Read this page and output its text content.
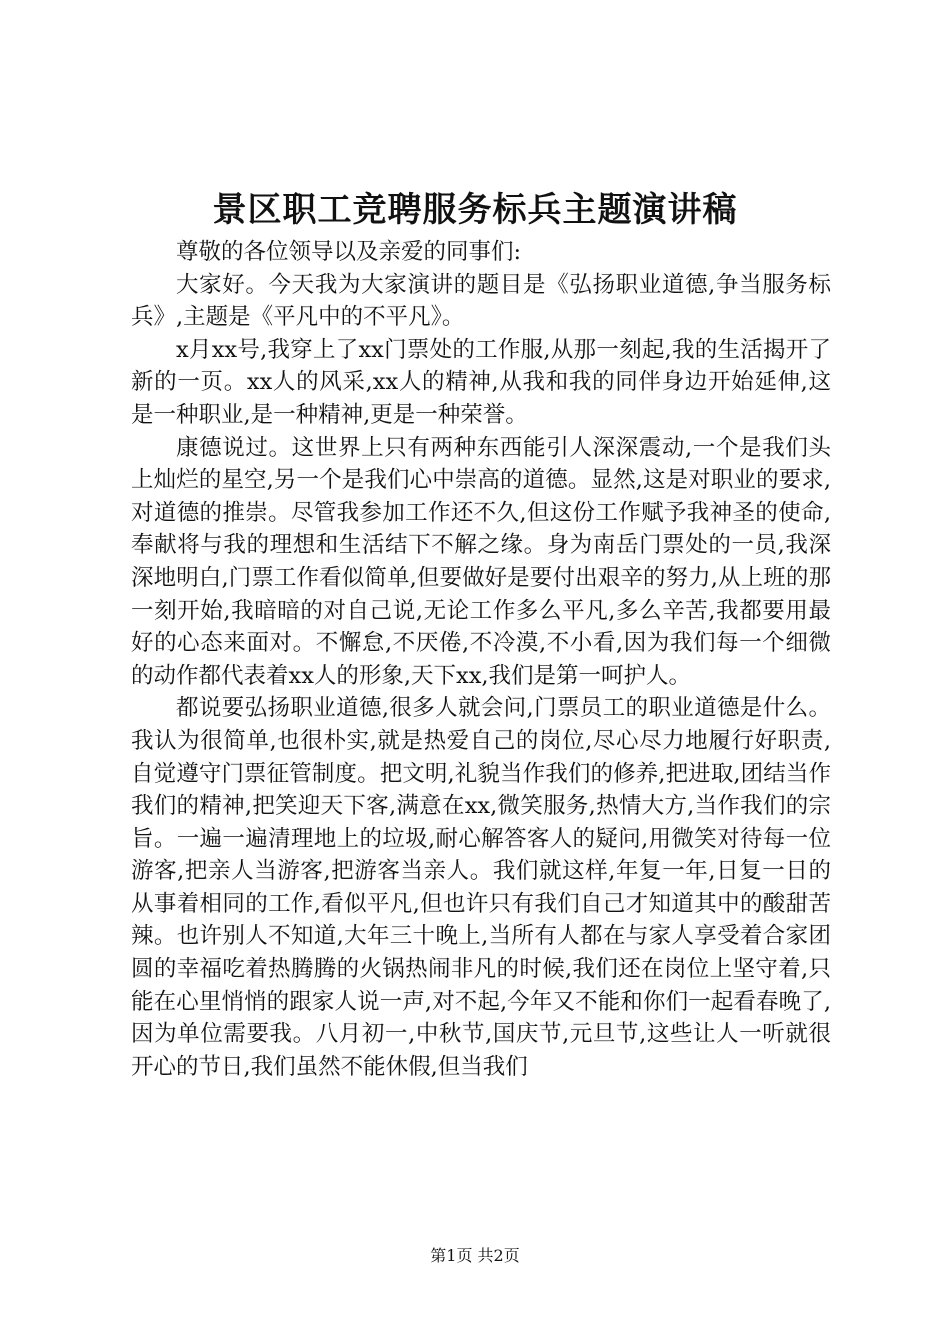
景区职工竞聘服务标兵主题演讲稿

尊敬的各位领导以及亲爱的同事们:

大家好。今天我为大家演讲的题目是《弘扬职业道德,争当服务标兵》,主题是《平凡中的不平凡》。

x月xx号,我穿上了xx门票处的工作服,从那一刻起,我的生活揭开了新的一页。xx人的风采,xx人的精神,从我和我的同伴身边开始延伸,这是一种职业,是一种精神,更是一种荣誉。

康德说过。这世界上只有两种东西能引人深深震动,一个是我们头上灿烂的星空,另一个是我们心中崇高的道德。显然,这是对职业的要求,对道德的推崇。尽管我参加工作还不久,但这份工作赋予我神圣的使命,奉献将与我的理想和生活结下不解之缘。身为南岳门票处的一员,我深深地明白,门票工作看似简单,但要做好是要付出艰辛的努力,从上班的那一刻开始,我暗暗的对自己说,无论工作多么平凡,多么辛苦,我都要用最好的心态来面对。不懈怠,不厌倦,不冷漠,不小看,因为我们每一个细微的动作都代表着xx人的形象,天下xx,我们是第一呵护人。

都说要弘扬职业道德,很多人就会问,门票员工的职业道德是什么。我认为很简单,也很朴实,就是热爱自己的岗位,尽心尽力地履行好职责,自觉遵守门票征管制度。把文明,礼貌当作我们的修养,把进取,团结当作我们的精神,把笑迎天下客,满意在xx,微笑服务,热情大方,当作我们的宗旨。一遍一遍清理地上的垃圾,耐心解答客人的疑问,用微笑对待每一位游客,把亲人当游客,把游客当亲人。我们就这样,年复一年,日复一日的从事着相同的工作,看似平凡,但也许只有我们自己才知道其中的酸甜苦辣。也许别人不知道,大年三十晚上,当所有人都在与家人享受着合家团圆的幸福吃着热腾腾的火锅热闹非凡的时候,我们还在岗位上坚守着,只能在心里悄悄的跟家人说一声,对不起,今年又不能和你们一起看春晚了,因为单位需要我。八月初一,中秋节,国庆节,元旦节,这些让人一听就很开心的节日,我们虽然不能休假,但当我们

第1页 共2页
